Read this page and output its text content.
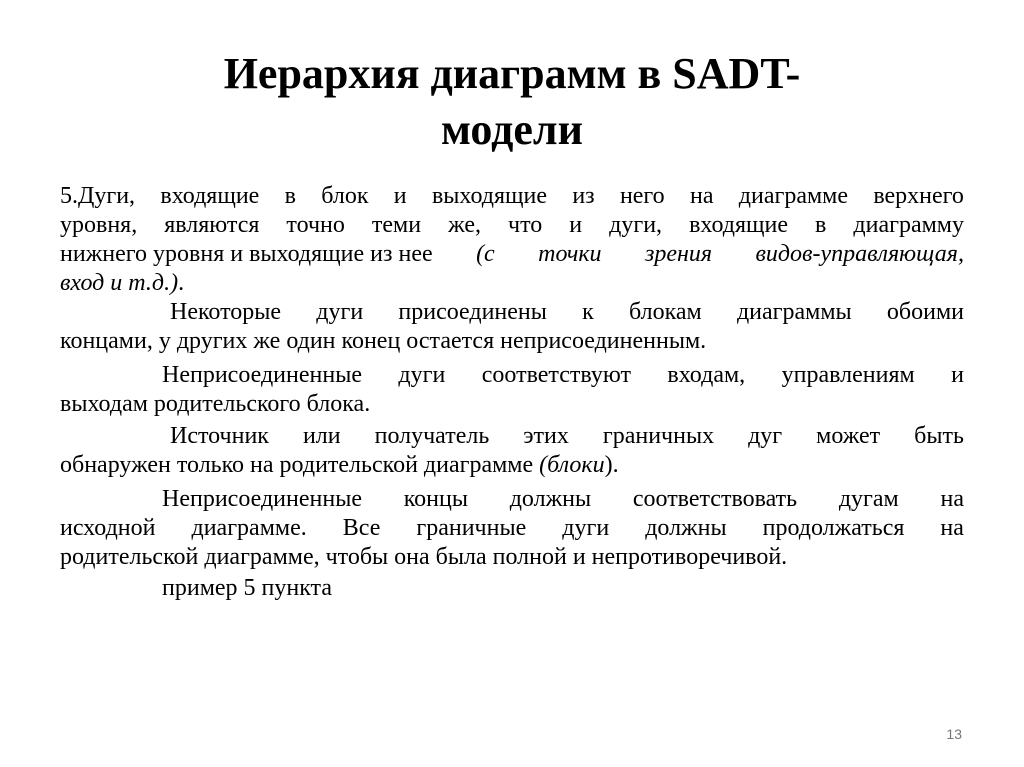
Иерархия диаграмм в SADT-
модели
5.Дуги, входящие в блок и выходящие из него на диаграмме верхнего
уровня, являются точно теми же, что и дуги, входящие в диаграмму
нижнего уровня и выходящие из нее (с точки зрения видов-управляющая,
вход и т.д.).
Некоторые дуги присоединены к блокам диаграммы обоими
концами, у других же один конец остается неприсоединенным.
Неприсоединенные дуги соответствуют входам, управлениям и
выходам родительского блока.
Источник или получатель этих граничных дуг может быть
обнаружен только на родительской диаграмме (блоки).
Неприсоединенные концы должны соответствовать дугам на
исходной диаграмме. Все граничные дуги должны продолжаться на
родительской диаграмме, чтобы она была полной и непротиворечивой.
пример 5 пункта
13
